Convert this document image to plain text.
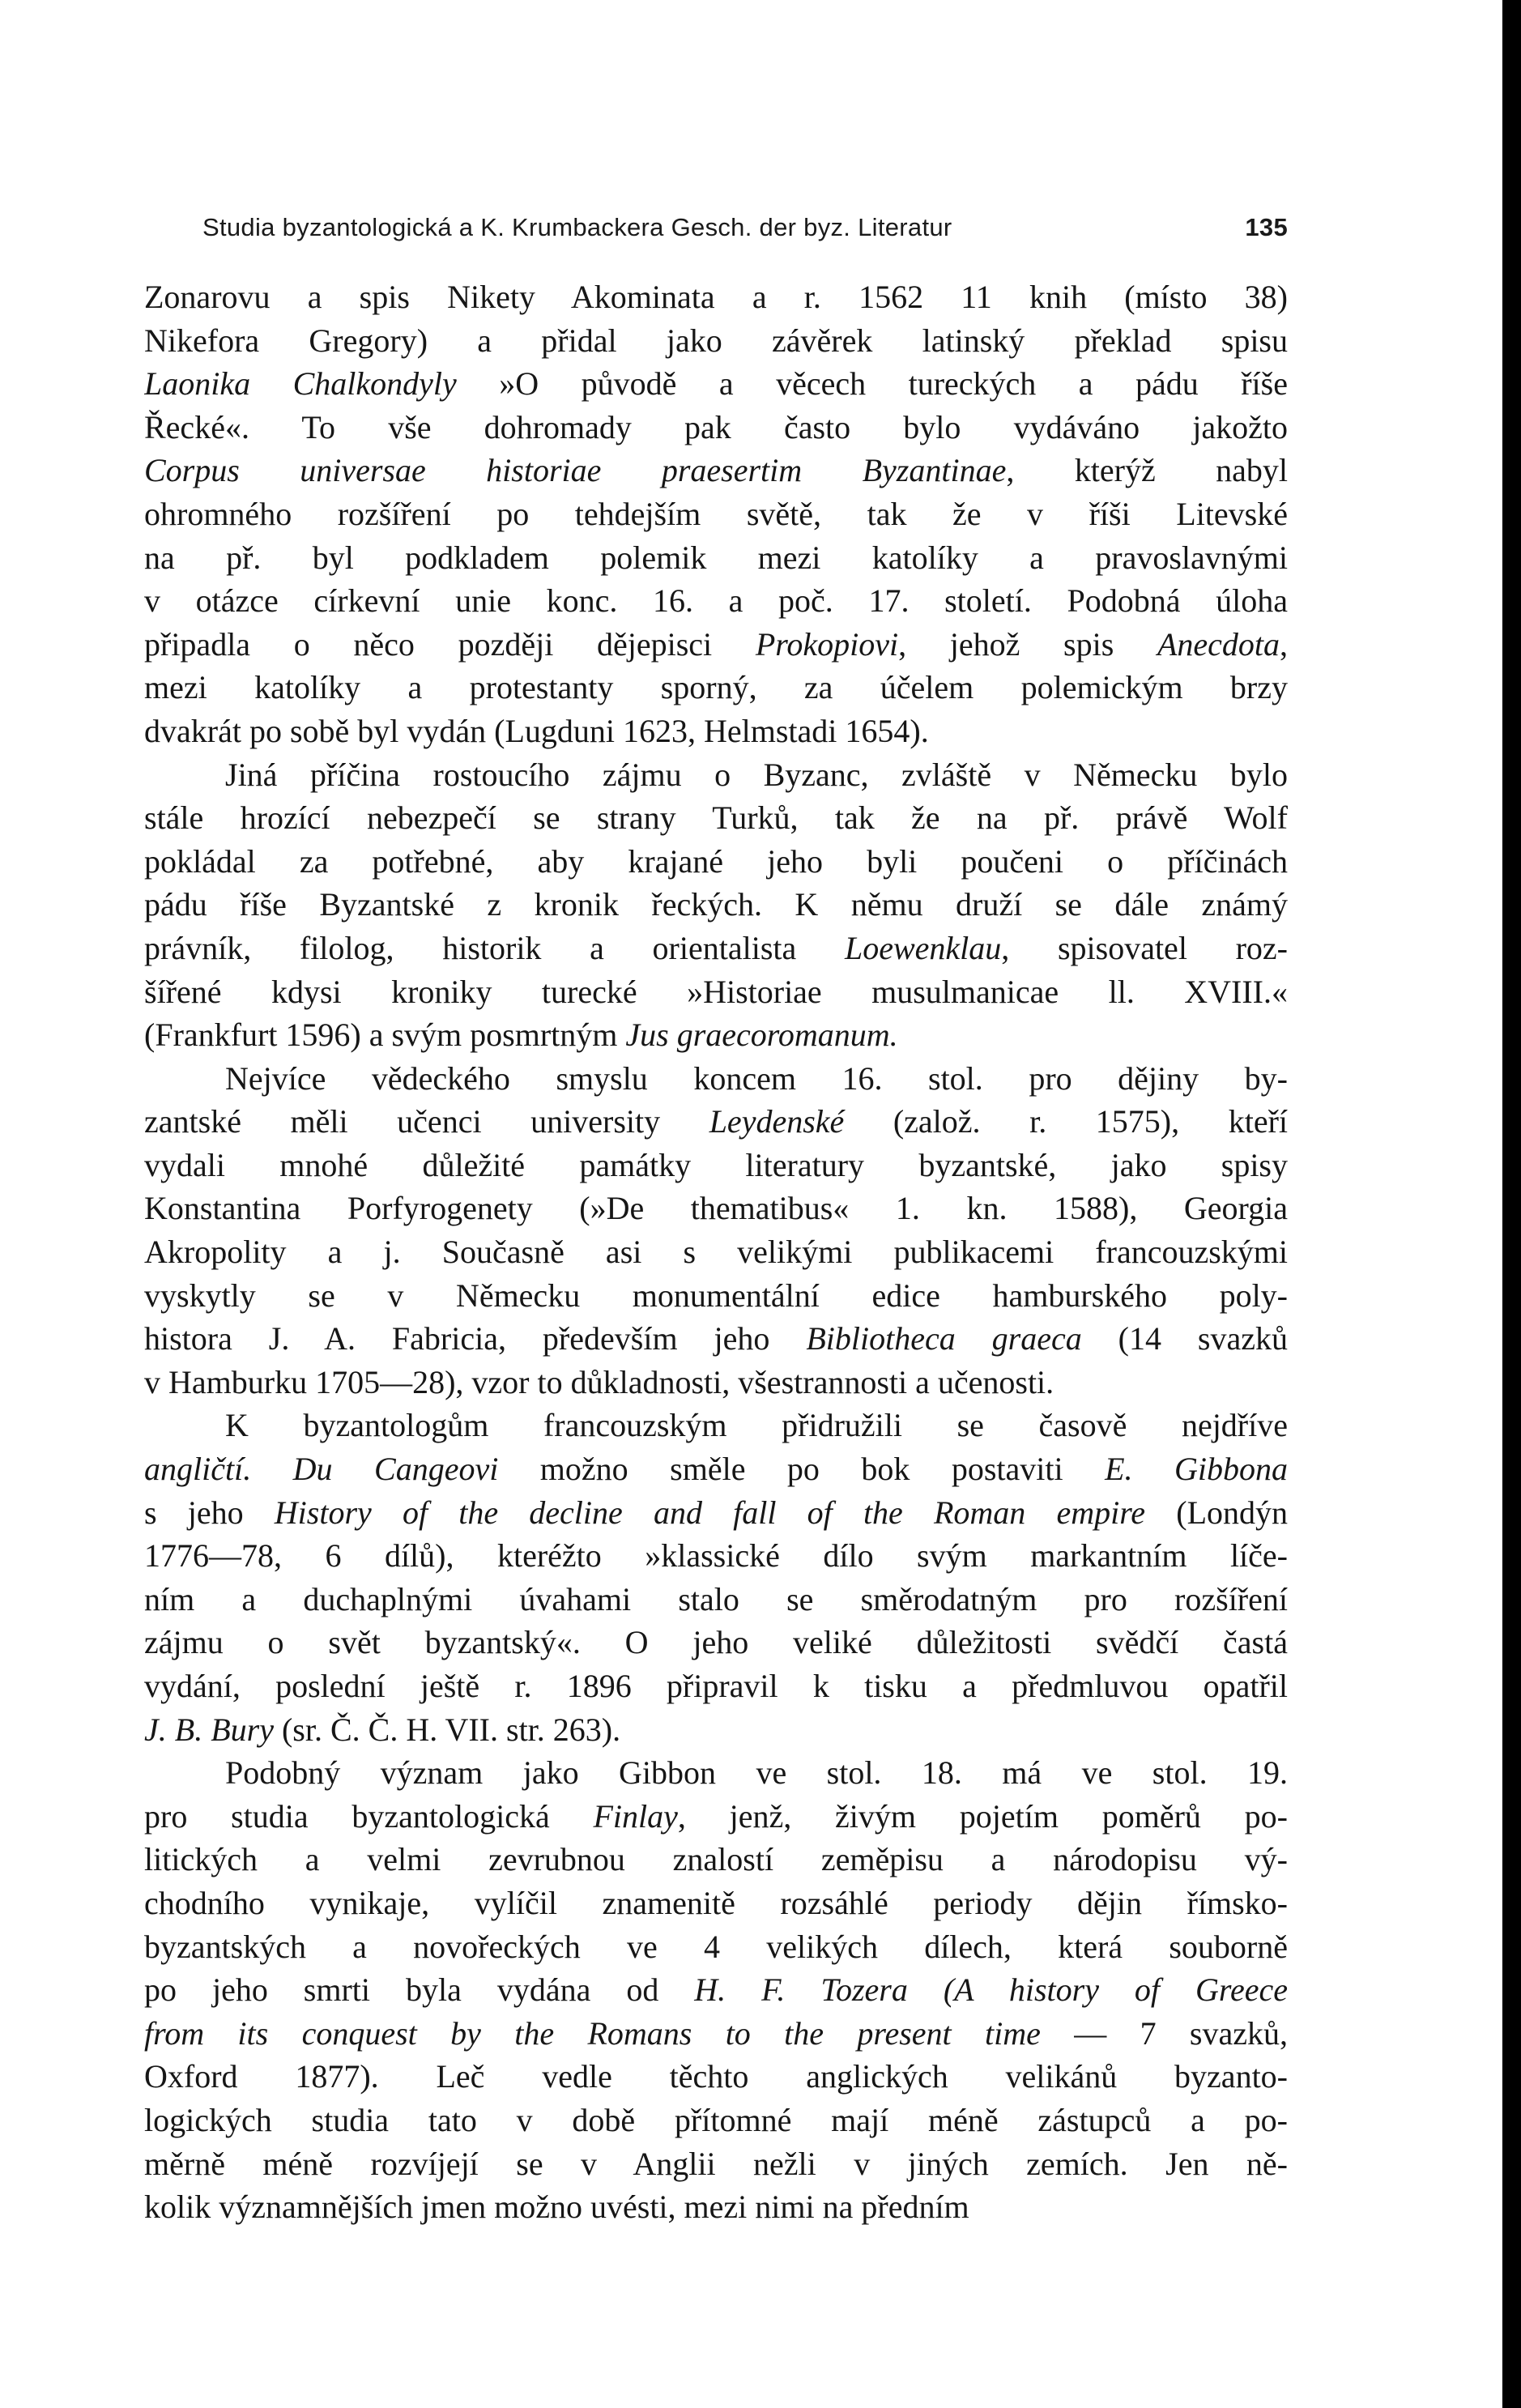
Studia byzantologická a K. Krumbackera Gesch. der byz. Literatur	135
Zonarovu a spis Nikety Akominata a r. 1562 11 knih (místo 38)
Nikefora Gregory) a přidal jako závěrek latinský překlad spisu
Laonika Chalkondyly »O původě a věcech tureckých a pádu říše
Řecké«. To vše dohromady pak často bylo vydáváno jakožto
Corpus universae historiae praesertim Byzantinae, kterýž nabyl
ohromného rozšíření po tehdejším světě, tak že v říši Litevské
na př. byl podkladem polemik mezi katolíky a pravoslavnými
v otázce církevní unie konc. 16. a poč. 17. století. Podobná úloha
připadla o něco později dějepisci Prokopiovi, jehož spis Anecdota,
mezi katolíky a protestanty sporný, za účelem polemickým brzy
dvakrát po sobě byl vydán (Lugduni 1623, Helmstadi 1654).
Jiná příčina rostoucího zájmu o Byzanc, zvláště v Německu bylo
stále hrozící nebezpečí se strany Turků, tak že na př. právě Wolf
pokládal za potřebné, aby krajané jeho byli poučeni o příčinách
pádu říše Byzantské z kronik řeckých. K němu druží se dále známý
právník, filolog, historik a orientalista Loewenklau, spisovatel roz-
šířené kdysi kroniky turecké »Historiae musulmanicae ll. XVIII.«
(Frankfurt 1596) a svým posmrtným Jus graecoromanum.
Nejvíce vědeckého smyslu koncem 16. stol. pro dějiny by-
zantské měli učenci university Leydenské (založ. r. 1575), kteří
vydali mnohé důležité památky literatury byzantské, jako spisy
Konstantina Porfyrogenety (»De thematibus« 1. kn. 1588), Georgia
Akropolity a j. Současně asi s velikými publikacemi francouzskými
vyskytly se v Německu monumentální edice hamburského poly-
histora J. A. Fabricia, především jeho Bibliotheca graeca (14 svazků
v Hamburku 1705—28), vzor to důkladnosti, všestrannosti a učenosti.
K byzantologům francouzským přidružili se časově nejdříve
angličtí. Du Cangeovi možno směle po bok postaviti E. Gibbona
s jeho History of the decline and fall of the Roman empire (Londýn
1776—78, 6 dílů), kteréžto »klassické dílo svým markantním líče-
ním a duchaplnými úvahami stalo se směrodatným pro rozšíření
zájmu o svět byzantský«. O jeho veliké důležitosti svědčí častá
vydání, poslední ještě r. 1896 připravil k tisku a předmluvou opatřil
J. B. Bury (sr. Č. Č. H. VII. str. 263).
Podobný význam jako Gibbon ve stol. 18. má ve stol. 19.
pro studia byzantologická Finlay, jenž, živým pojetím poměrů po-
litických a velmi zevrubnou znalostí zeměpisu a národopisu vý-
chodního vynikaje, vylíčil znamenitě rozsáhlé periody dějin římsko-
byzantských a novořeckých ve 4 velikých dílech, která souborně
po jeho smrti byla vydána od H. F. Tozera (A history of Greece
from its conquest by the Romans to the present time — 7 svazků,
Oxford 1877). Leč vedle těchto anglických velikánů byzanto-
logických studia tato v době přítomné mají méně zástupců a po-
měrně méně rozvíjejí se v Anglii nežli v jiných zemích. Jen ně-
kolik významnějších jmen možno uvésti, mezi nimi na předním
